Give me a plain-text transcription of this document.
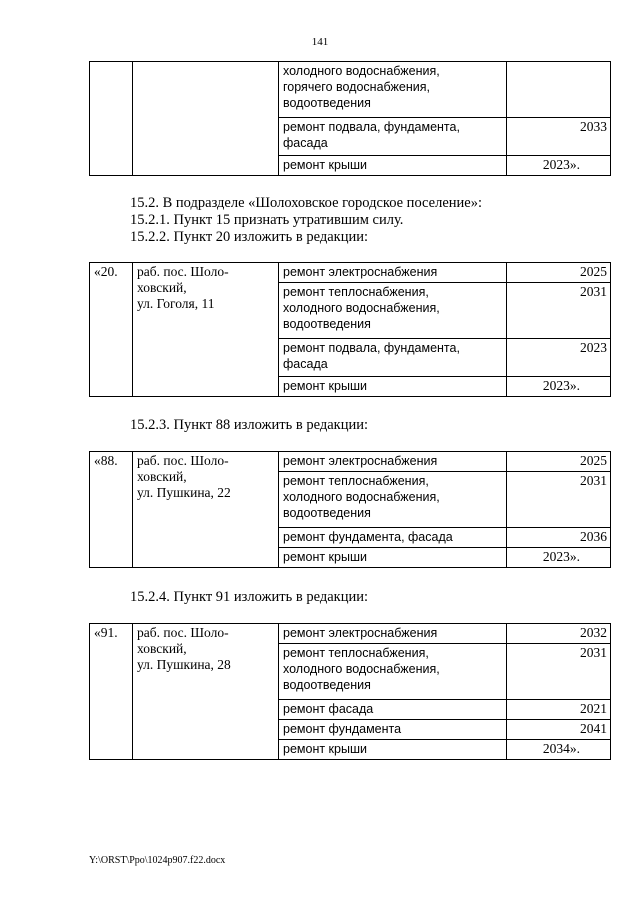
141
		холодного водоснабжения,
горячего водоснабжения,
водоотведения	
		ремонт подвала, фундамента,
фасада	2033
		ремонт крыши	2023».
15.2. В подразделе «Шолоховское городское поселение»:
15.2.1. Пункт 15 признать утратившим силу.
15.2.2. Пункт 20 изложить в редакции:
«20.	раб. пос. Шоло-
ховский,
ул. Гоголя, 11	ремонт электроснабжения	2025
		ремонт теплоснабжения,
холодного водоснабжения,
водоотведения	2031
		ремонт подвала, фундамента,
фасада	2023
		ремонт крыши	2023».
15.2.3. Пункт 88 изложить в редакции:
«88.	раб. пос. Шоло-
ховский,
ул. Пушкина, 22	ремонт электроснабжения	2025
		ремонт теплоснабжения,
холодного водоснабжения,
водоотведения	2031
		ремонт фундамента, фасада	2036
		ремонт крыши	2023».
15.2.4. Пункт 91 изложить в редакции:
«91.	раб. пос. Шоло-
ховский,
ул. Пушкина, 28	ремонт электроснабжения	2032
		ремонт теплоснабжения,
холодного водоснабжения,
водоотведения	2031
		ремонт фасада	2021
		ремонт фундамента	2041
		ремонт крыши	2034».
Y:\ORST\Ppo\1024p907.f22.docx
